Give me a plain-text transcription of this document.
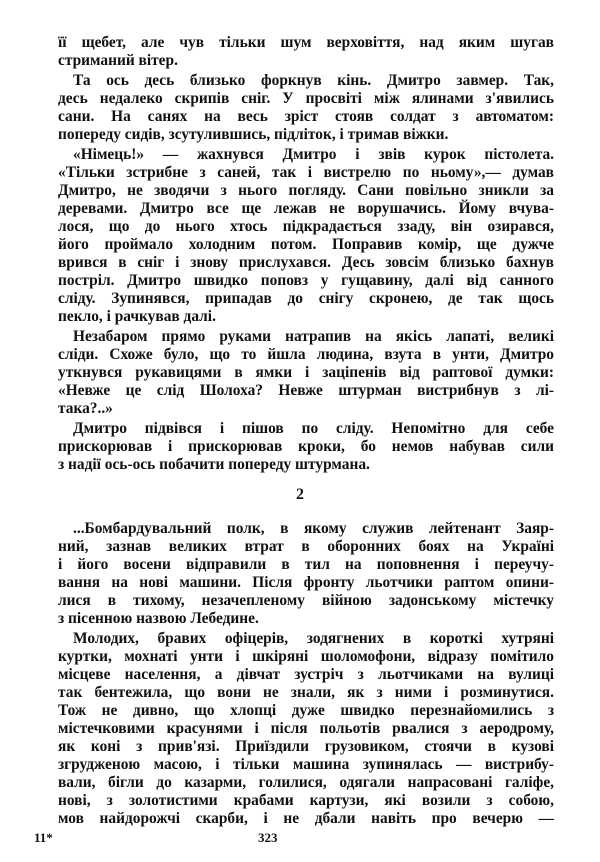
її щебет, але чув тільки шум верховіття, над яким шугав
стриманий вітер.
Та ось десь близько форкнув кінь. Дмитро завмер. Так,
десь недалеко скрипів сніг. У просвіті між ялинами з'явились
сани. На санях на весь зріст стояв солдат з автоматом:
попереду сидів, зсутулившись, підліток, і тримав віжки.
«Німець!» — жахнувся Дмитро і звів курок пістолета.
«Тільки зстрибне з саней, так і вистрелю по ньому»,— думав
Дмитро, не зводячи з нього погляду. Сани повільно зникли за
деревами. Дмитро все ще лежав не ворушачись. Йому вчува-
лося, що до нього хтось підкрадається ззаду, він озирався,
його проймало холодним потом. Поправив комір, ще дужче
врився в сніг і знову прислухався. Десь зовсім близько бахнув
постріл. Дмитро швидко поповз у гущавину, далі від санного
сліду. Зупинявся, припадав до снігу скронею, де так щось
пекло, і рачкував далі.
Незабаром прямо руками натрапив на якісь лапаті, великі
сліди. Схоже було, що то йшла людина, взута в унти, Дмитро
уткнувся рукавицями в ямки і заціпенів від раптової думки:
«Невже це слід Шолоха? Невже штурман вистрибнув з лі-
така?..»
Дмитро підвівся і пішов по сліду. Непомітно для себе
прискорював і прискорював кроки, бо немов набував сили
з надії ось-ось побачити попереду штурмана.
2
...Бомбардувальний полк, в якому служив лейтенант Заяр-
ний, зазнав великих втрат в оборонних боях на Україні
і його восени відправили в тил на поповнення і переучу-
вання на нові машини. Після фронту льотчики раптом опини-
лися в тихому, незачепленому війною задонському містечку
з пісенною назвою Лебедине.
Молодих, бравих офіцерів, зодягнених в короткі хутряні
куртки, мохнаті унти і шкіряні шоломофони, відразу помітило
місцеве населення, а дівчат зустріч з льотчиками на вулиці
так бентежила, що вони не знали, як з ними і розминутися.
Тож не дивно, що хлопці дуже швидко перезнайомились з
містечковими красунями і після польотів рвалися з аеродрому,
як коні з прив'язі. Приїздили грузовиком, стоячи в кузові
згрудженою масою, і тільки машина зупинялась — вистрибу-
вали, бігли до казарми, голилися, одягали напрасовані галіфе,
нові, з золотистими крабами картузи, які возили з собою,
мов найдорожчі скарби, і не дбали навіть про вечерю —
11*	323
